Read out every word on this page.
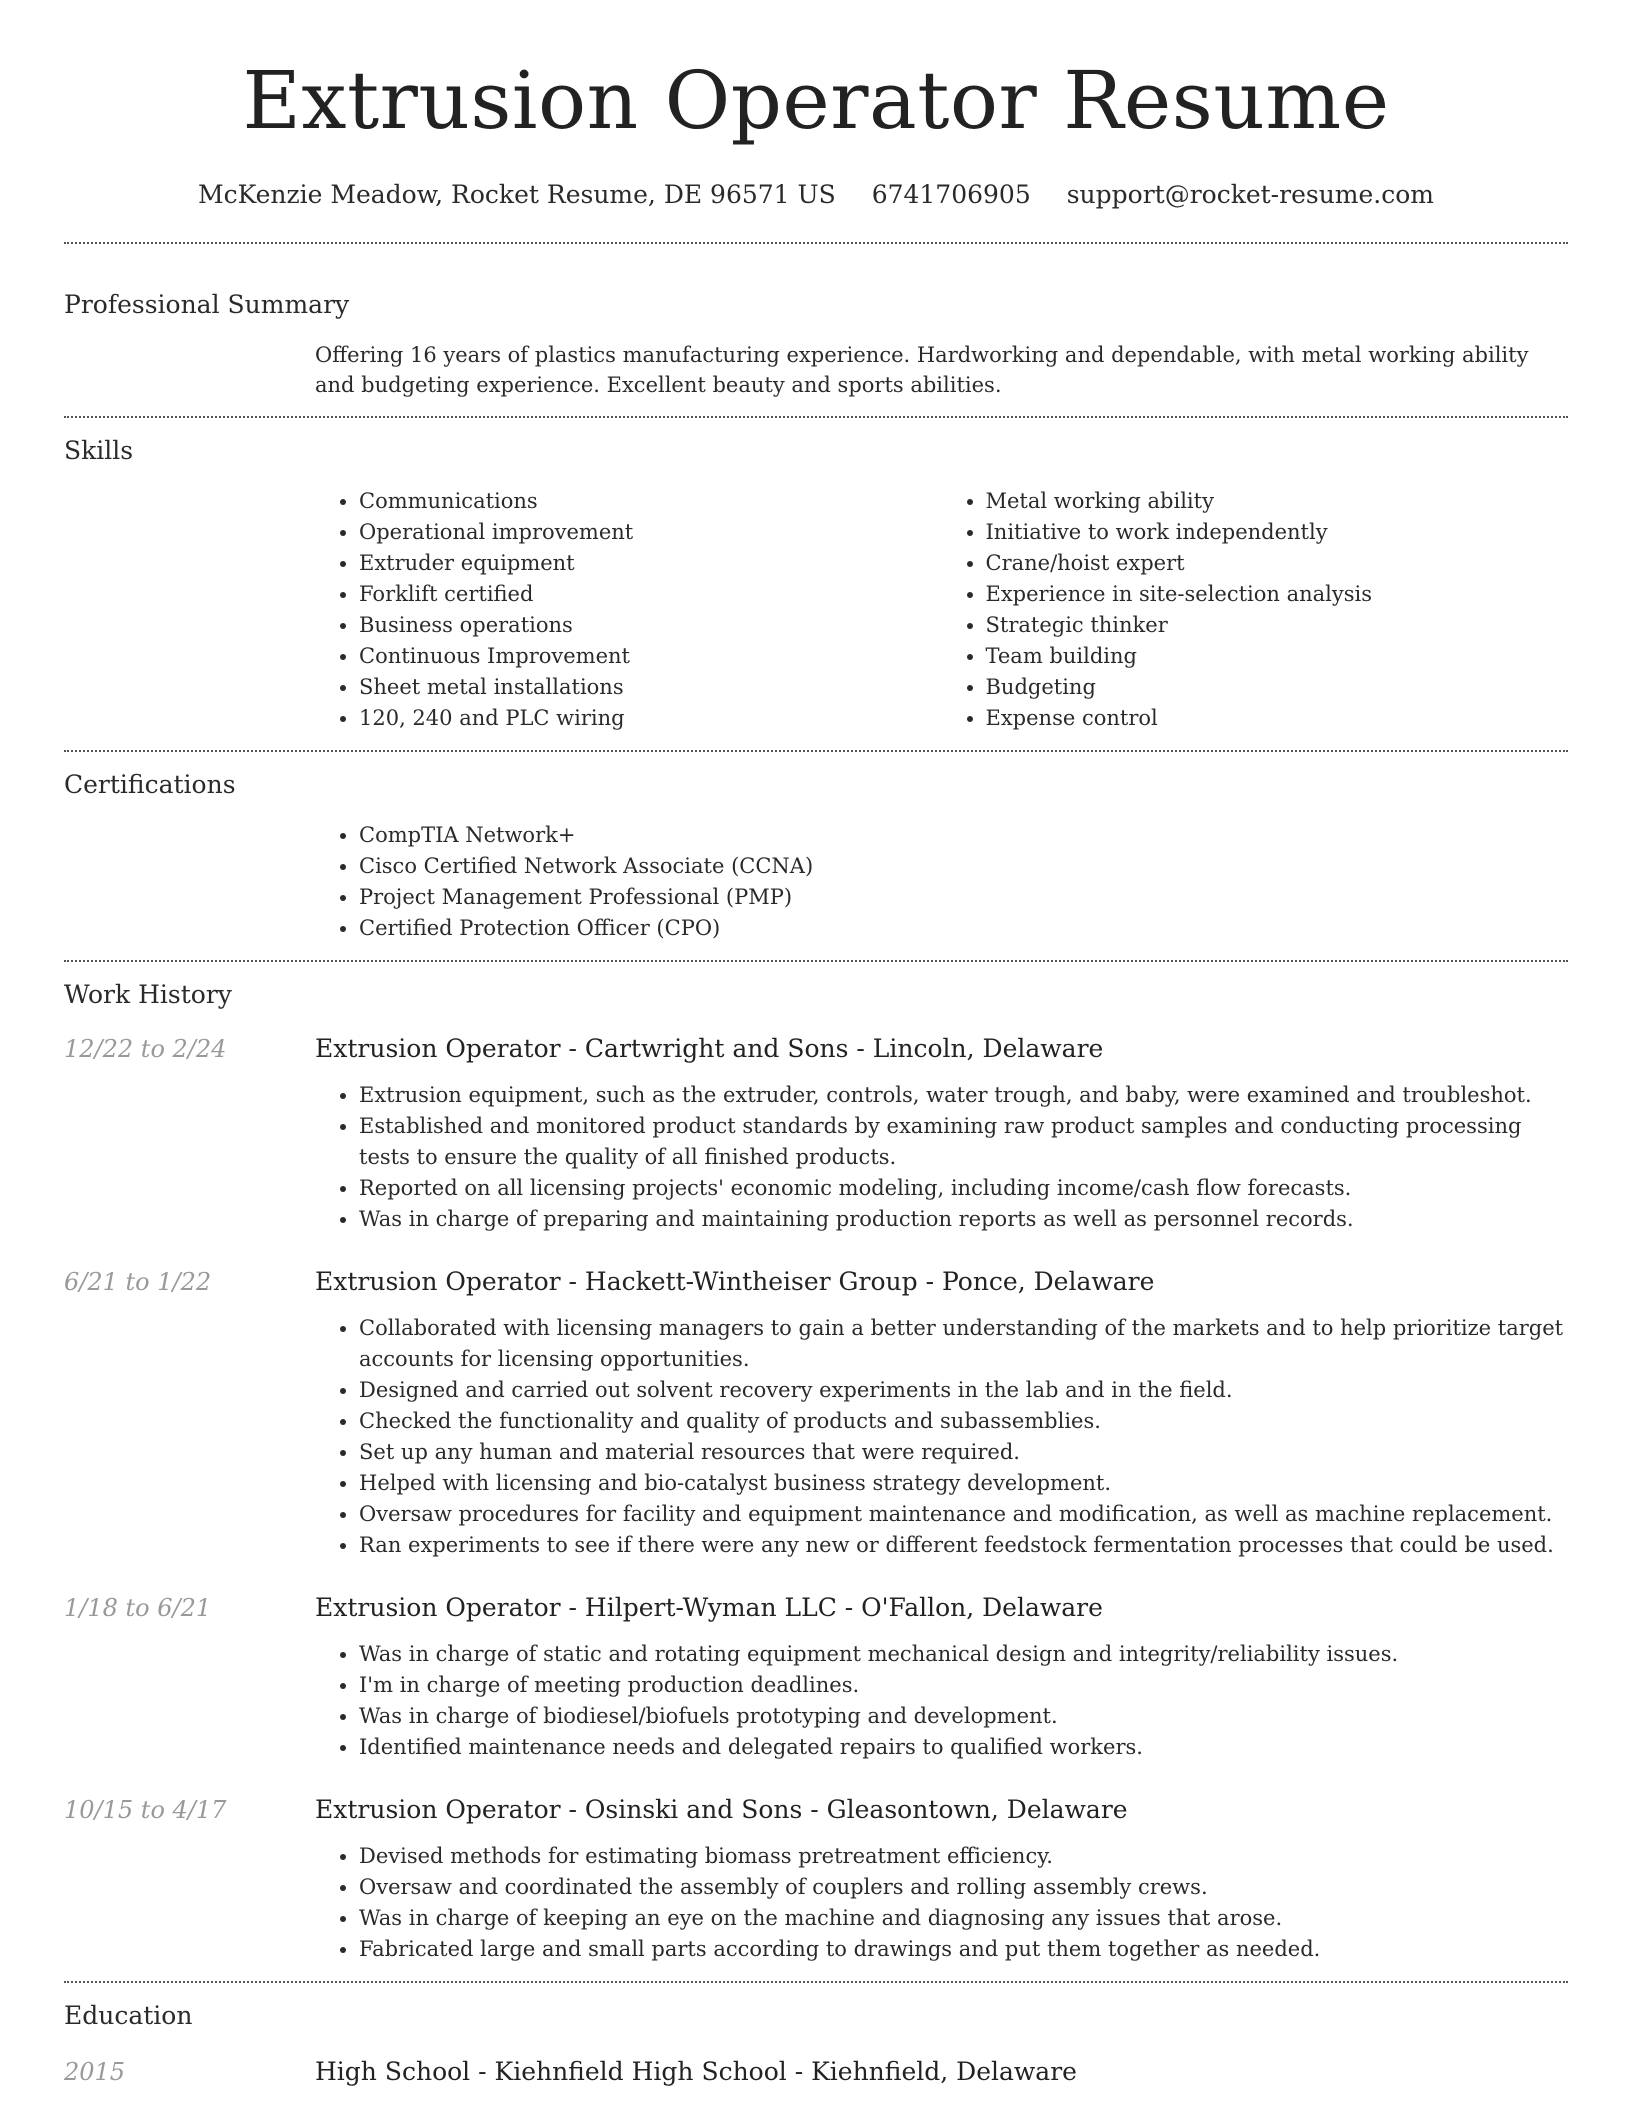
Extrusion Operator Resume
McKenzie Meadow, Rocket Resume, DE 96571 US 6741706905 support@rocket-resume.com
Professional Summary

Offering 16 years of plastics manufacturing experience. Hardworking and dependable, with metal working ability and budgeting experience. Excellent beauty and sports abilities.

Skills
• Communications
• Operational improvement
• Extruder equipment
• Forklift certified
• Business operations
• Continuous Improvement
• Sheet metal installations
• 120, 240 and PLC wiring
• Metal working ability
• Initiative to work independently
• Crane/hoist expert
• Experience in site-selection analysis
• Strategic thinker
• Team building
• Budgeting
• Expense control
Certifications
• CompTIA Network+
• Cisco Certified Network Associate (CCNA)
• Project Management Professional (PMP)
• Certified Protection Officer (CPO)
Work History
12/22 to 2/24	Extrusion Operator - Cartwright and Sons - Lincoln, Delaware
• Extrusion equipment, such as the extruder, controls, water trough, and baby, were examined and troubleshot.
• Established and monitored product standards by examining raw product samples and conducting processing tests to ensure the quality of all finished products.
• Reported on all licensing projects' economic modeling, including income/cash flow forecasts.
• Was in charge of preparing and maintaining production reports as well as personnel records.
6/21 to 1/22	Extrusion Operator - Hackett-Wintheiser Group - Ponce, Delaware
• Collaborated with licensing managers to gain a better understanding of the markets and to help prioritize target accounts for licensing opportunities.
• Designed and carried out solvent recovery experiments in the lab and in the field.
• Checked the functionality and quality of products and subassemblies.
• Set up any human and material resources that were required.
• Helped with licensing and bio-catalyst business strategy development.
• Oversaw procedures for facility and equipment maintenance and modification, as well as machine replacement.
• Ran experiments to see if there were any new or different feedstock fermentation processes that could be used.
1/18 to 6/21	Extrusion Operator - Hilpert-Wyman LLC - O'Fallon, Delaware
• Was in charge of static and rotating equipment mechanical design and integrity/reliability issues.
• I'm in charge of meeting production deadlines.
• Was in charge of biodiesel/biofuels prototyping and development.
• Identified maintenance needs and delegated repairs to qualified workers.
10/15 to 4/17	Extrusion Operator - Osinski and Sons - Gleasontown, Delaware
• Devised methods for estimating biomass pretreatment efficiency.
• Oversaw and coordinated the assembly of couplers and rolling assembly crews.
• Was in charge of keeping an eye on the machine and diagnosing any issues that arose.
• Fabricated large and small parts according to drawings and put them together as needed.
Education
2015	High School - Kiehnfield High School - Kiehnfield, Delaware
